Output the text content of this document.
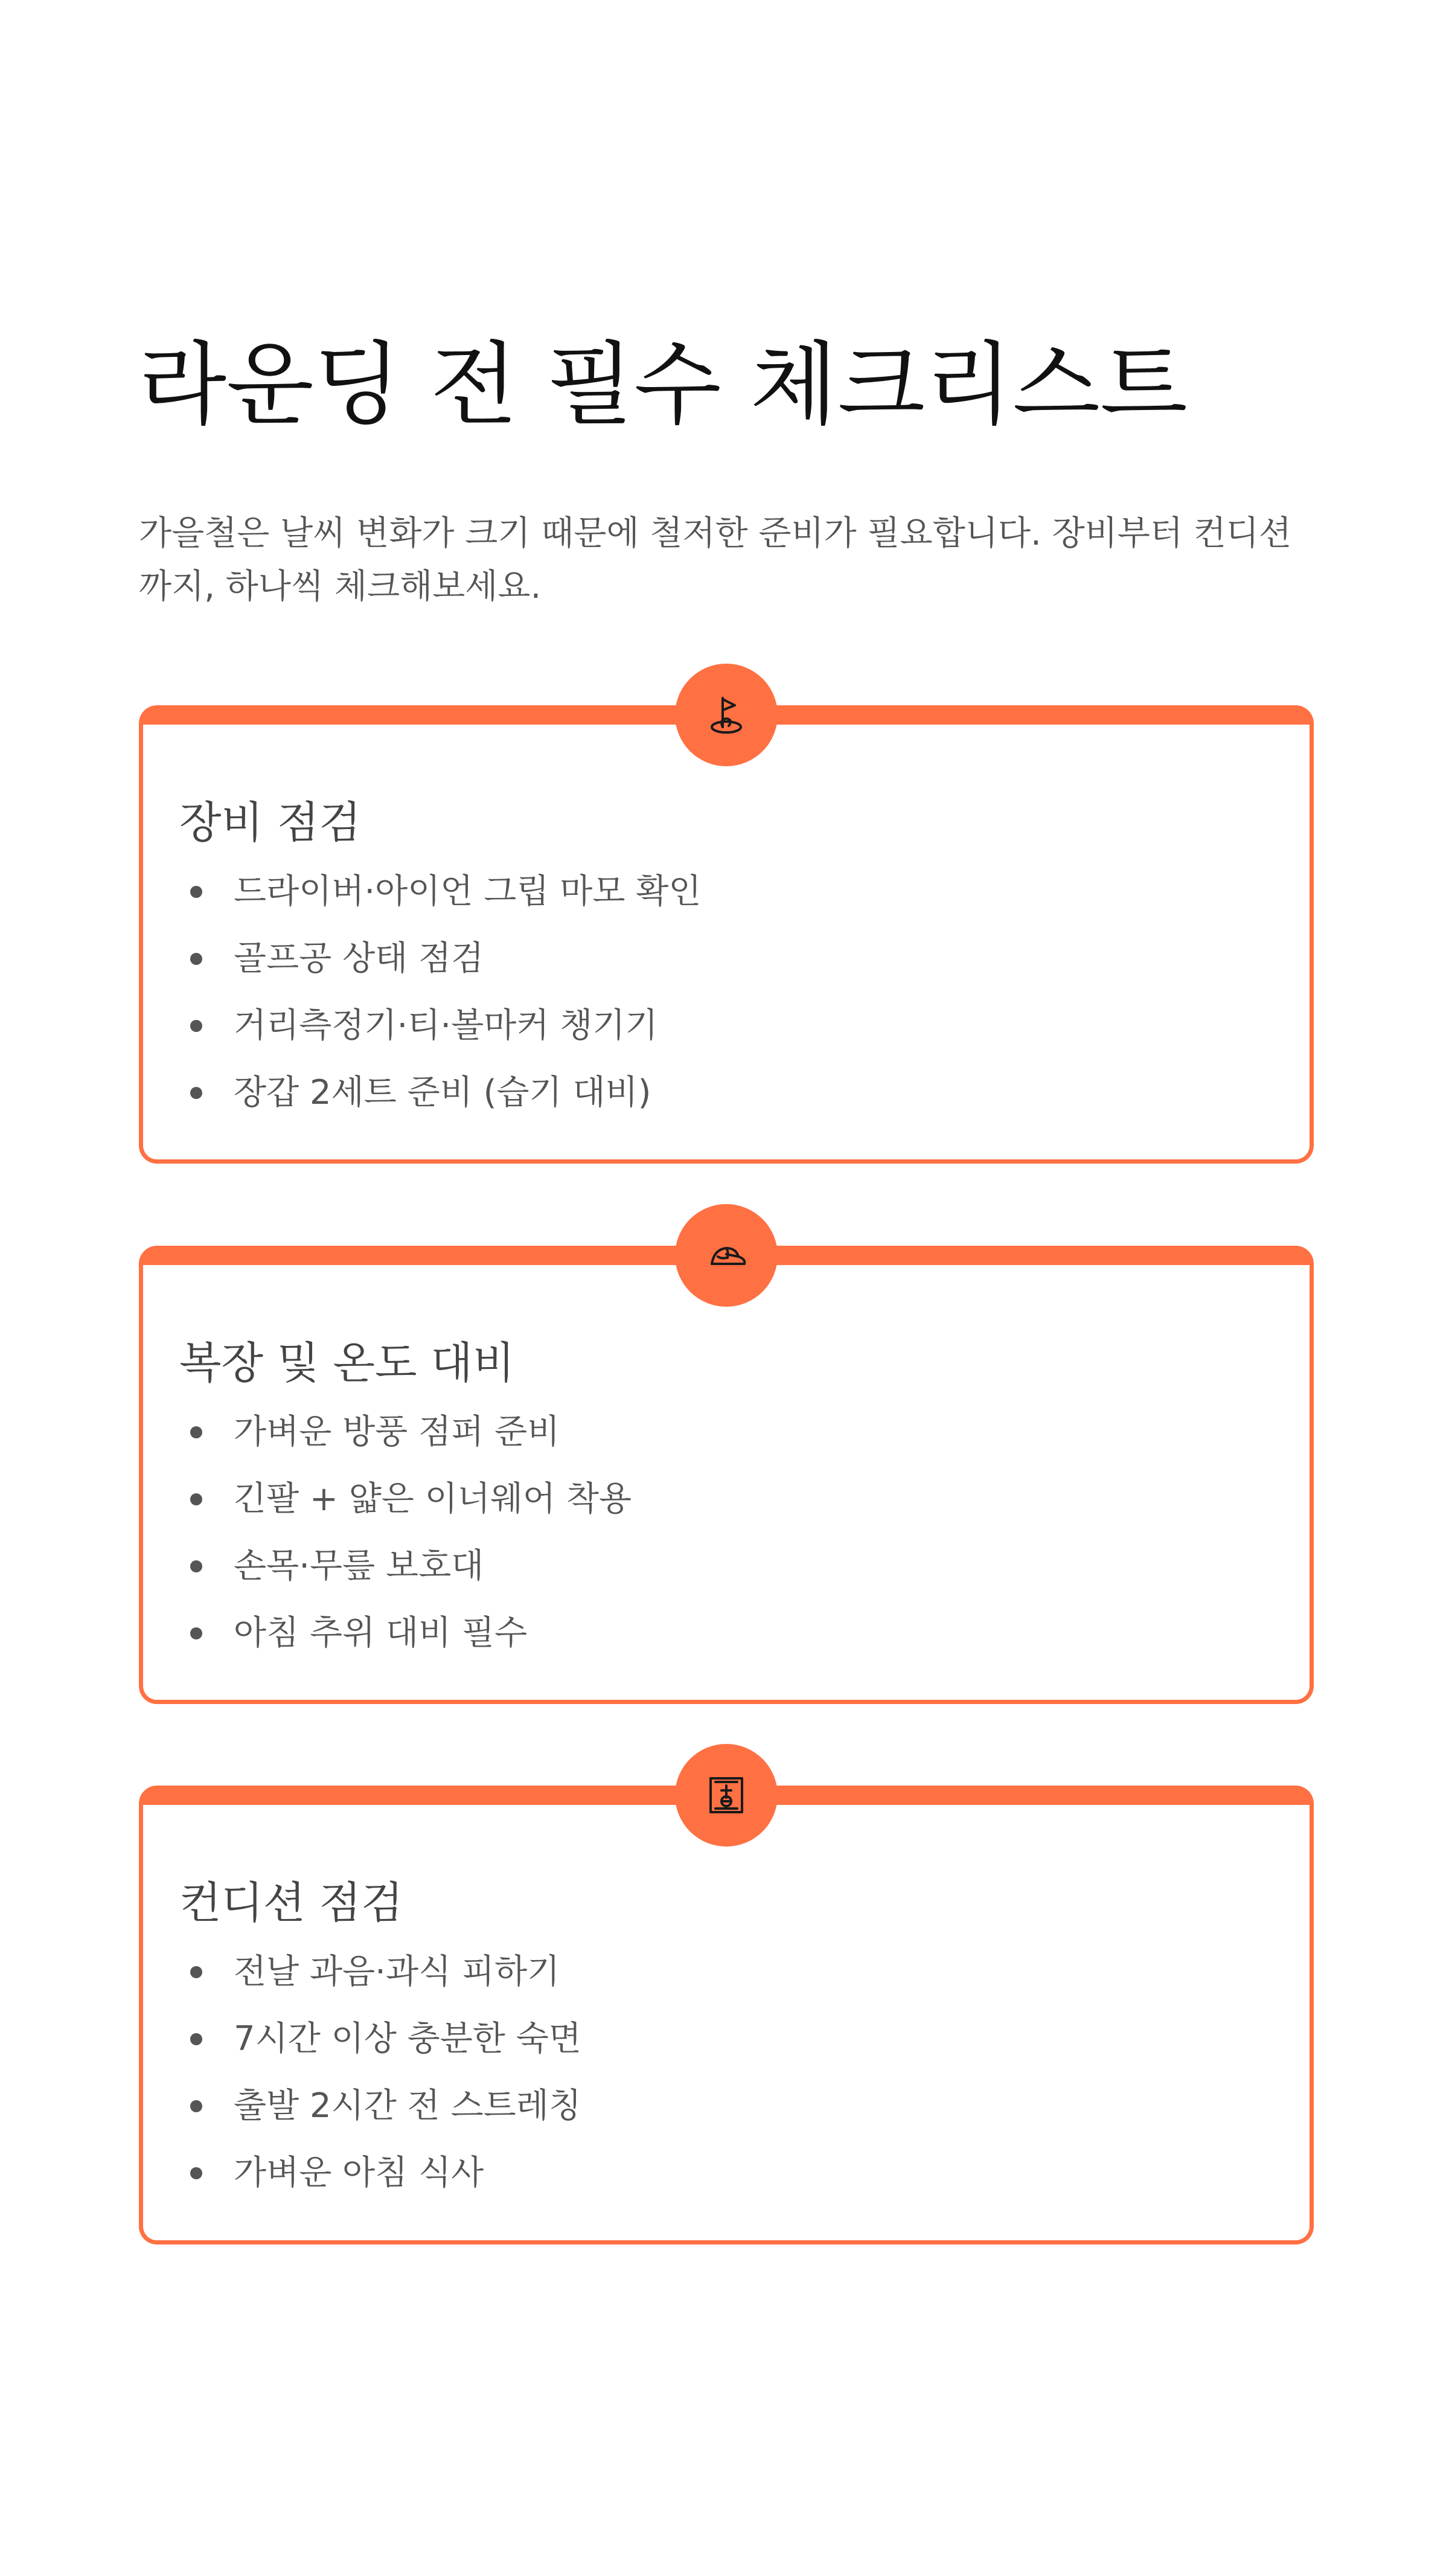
라운딩 전 필수 체크리스트

가을철은 날씨 변화가 크기 때문에 철저한 준비가 필요합니다. 장비부터 컨디션까지, 하나씩 체크해보세요.

장비 점검
드라이버·아이언 그립 마모 확인
골프공 상태 점검
거리측정기·티·볼마커 챙기기
장갑 2세트 준비 (습기 대비)
복장 및 온도 대비
가벼운 방풍 점퍼 준비
긴팔 + 얇은 이너웨어 착용
손목·무릎 보호대
아침 추위 대비 필수
컨디션 점검
전날 과음·과식 피하기
7시간 이상 충분한 숙면
출발 2시간 전 스트레칭
가벼운 아침 식사
